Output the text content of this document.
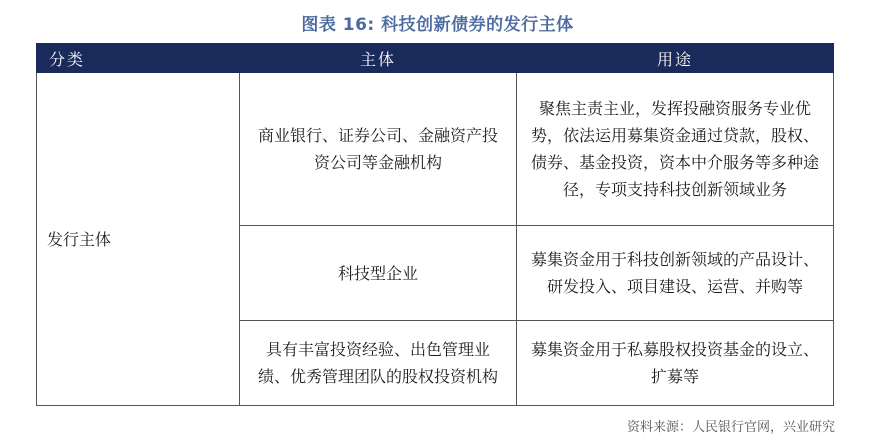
图表 16: 科技创新债券的发行主体
分类	主体	用途
发行主体	商业银行、证券公司、金融资产投资公司等金融机构	聚焦主责主业，发挥投融资服务专业优势，依法运用募集资金通过贷款，股权、债券、基金投资，资本中介服务等多种途径，专项支持科技创新领域业务
	科技型企业	募集资金用于科技创新领域的产品设计、研发投入、项目建设、运营、并购等
	具有丰富投资经验、出色管理业绩、优秀管理团队的股权投资机构	募集资金用于私募股权投资基金的设立、扩募等
资料来源：人民银行官网，兴业研究
